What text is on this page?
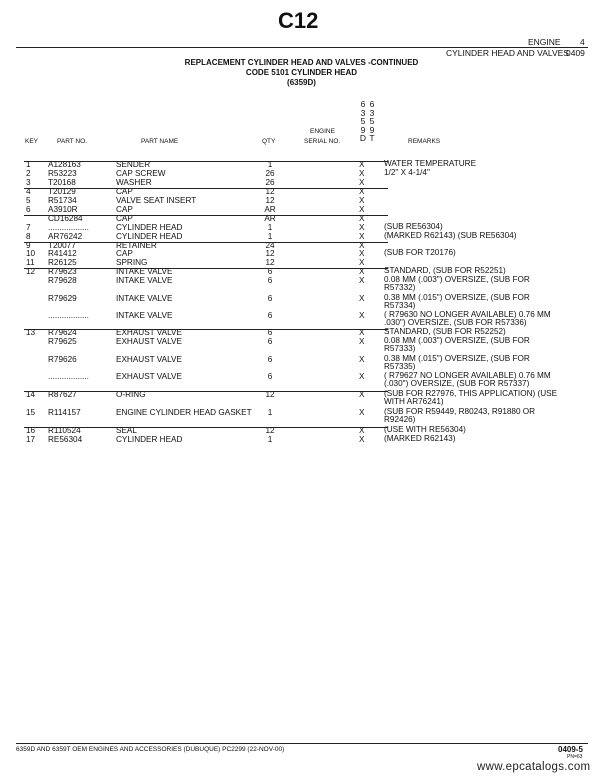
C12
ENGINE 4
CYLINDER HEAD AND VALVES
0409
REPLACEMENT CYLINDER HEAD AND VALVES -CONTINUED
CODE 5101 CYLINDER HEAD
(6359D)
6
3
5
9
D
6
3
5
9
T
ENGINE
SERIAL NO.
KEY	PART NO.	PART NAME	QTY	REMARKS
1 A128163	SENDER	1	X WATER TEMPERATURE
2 R53223	CAP SCREW	26	X 1/2" X 4-1/4"
3 T20168	WASHER	26	X
4 T20129	CAP	12	X
5 R51734	VALVE SEAT INSERT	12	X
6 A3910R	CAP	AR	X
CD16284	CAP	AR	X
7 ..................	CYLINDER HEAD	1	X (SUB RE56304)
8 AR76242	CYLINDER HEAD	1	X (MARKED R62143) (SUB RE56304)
9 T20077	RETAINER	24	X
10 R41412	CAP	12	X (SUB FOR T20176)
11 R26125	SPRING	12	X
12 R79623	INTAKE VALVE	6	X STANDARD, (SUB FOR R52251)
R79628	INTAKE VALVE	6	X 0.08 MM (.003") OVERSIZE, (SUB FOR
R57332)
R79629	INTAKE VALVE	6	X 0.38 MM (.015") OVERSIZE, (SUB FOR
R57334)
..................	INTAKE VALVE	6	X ( R79630 NO LONGER AVAILABLE) 0.76 MM
.030") OVERSIZE, (SUB FOR R57336)
13 R79624	EXHAUST VALVE	6	X STANDARD, (SUB FOR R52252)
R79625	EXHAUST VALVE	6	X 0.08 MM (.003") OVERSIZE, (SUB FOR
R57333)
R79626	EXHAUST VALVE	6	X 0.38 MM (.015") OVERSIZE, (SUB FOR
R57335)
..................	EXHAUST VALVE	6	X ( R79627 NO LONGER AVAILABLE) 0.76 MM
(.030") OVERSIZE, (SUB FOR R57337)
14 R87627	O-RING	12	X (SUB FOR R27976, THIS APPLICATION) (USE
WITH AR76241)
15 R114157	ENGINE CYLINDER HEAD GASKET	1	X (SUB FOR R59449, R80243, R91880 OR
R92426)
16 R110524	SEAL	12	X (USE WITH RE56304)
17 RE56304	CYLINDER HEAD	1	X (MARKED R62143)
6359D AND 6359T OEM ENGINES AND ACCESSORIES (DUBUQUE) PC2299 (22-NOV-00)	0409-5
PN=63
www.epcatalogs.com
